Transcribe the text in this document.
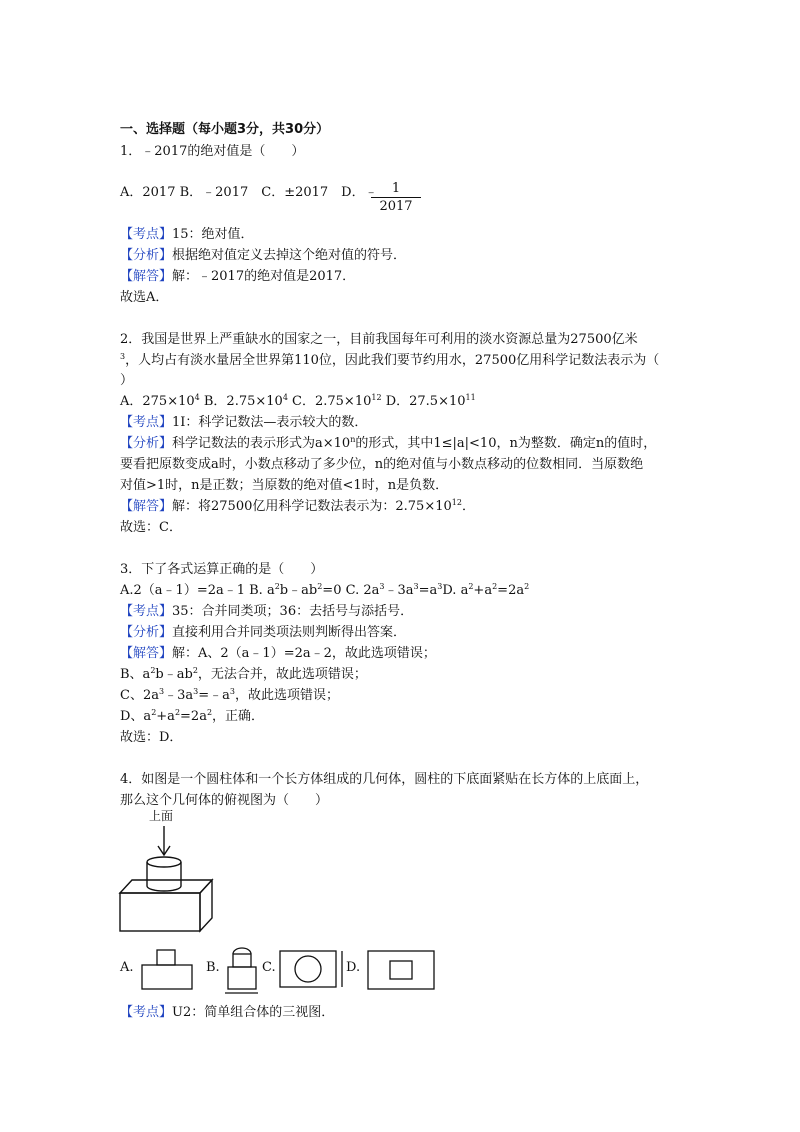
一、选择题（每小题3分，共30分）
1．﹣2017的绝对值是（　　）
A．2017 B．﹣2017　C．±2017　D．﹣	1
2017
【考点】15：绝对值．
【分析】根据绝对值定义去掉这个绝对值的符号．
【解答】解：﹣2017的绝对值是2017．
故选A．
2．我国是世界上严重缺水的国家之一，目前我国每年可利用的淡水资源总量为27500亿米
$^3$，人均占有淡水量居全世界第110位，因此我们要节约用水，27500亿用科学记数法表示为（
）
A．$275\times 10^4$ B．$2.75\times 10^4$ C．$2.75\times 10^{12}$ D．$27.5\times 10^{11}$
【考点】1I：科学记数法—表示较大的数．
【分析】科学记数法的表示形式为$a\times 10^n$的形式，其中1≤|a|<10，n为整数．确定n的值时，
要看把原数变成a时，小数点移动了多少位，n的绝对值与小数点移动的位数相同．当原数绝
对值>1时，n是正数；当原数的绝对值<1时，n是负数．
【解答】解：将27500亿用科学记数法表示为：$2.75\times 10^{12}$．
故选：C．
3．下了各式运算正确的是（　　）
A.2（a﹣1）=2a﹣1 B. $a^2b﹣ab^2=0$ C. $2a^3﹣3a^3=a^3D$. $a^2+a^2=2a^2$
【考点】35：合并同类项；36：去括号与添括号．
【分析】直接利用合并同类项法则判断得出答案．
【解答】解：A、2（a﹣1）=2a﹣2，故此选项错误；
B、$a^2b﹣ab^2$，无法合并，故此选项错误；
C、$2a^3﹣3a^3=﹣a^3$，故此选项错误；
D、$a^2+a^2=2a^2$，正确．
故选：D．
4．如图是一个圆柱体和一个长方体组成的几何体，圆柱的下底面紧贴在长方体的上底面上，
那么这个几何体的俯视图为（　　）
上面
A.	B.	C.	D.
【考点】U2：简单组合体的三视图．
